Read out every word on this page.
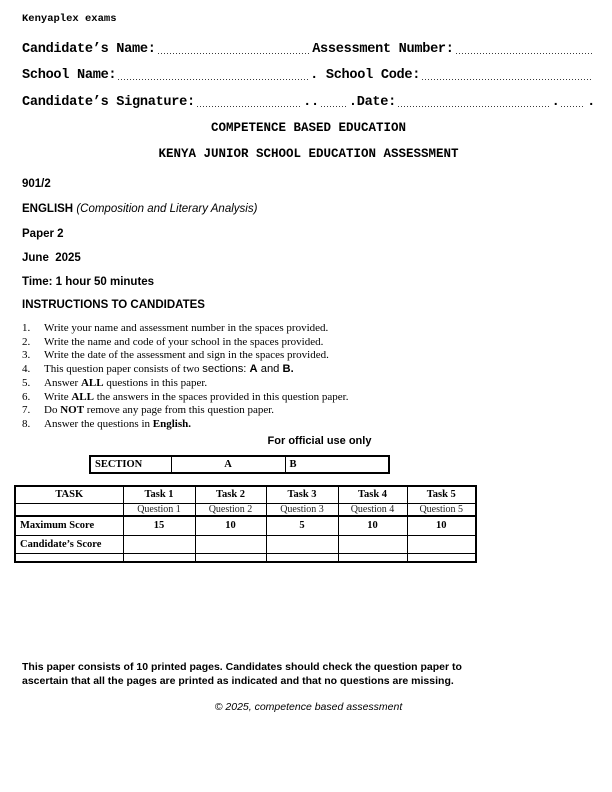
Kenyaplex exams
Candidate’s Name:	Assessment Number:
School Name:	. School Code:
Candidate’s Signature:	.. .Date:	. .
COMPETENCE BASED EDUCATION
KENYA JUNIOR SCHOOL EDUCATION ASSESSMENT
901/2
ENGLISH (Composition and Literary Analysis)
Paper 2
June  2025
Time: 1 hour 50 minutes
INSTRUCTIONS TO CANDIDATES
1.	Write your name and assessment number in the spaces provided.
2.	Write the name and code of your school in the spaces provided.
3.	Write the date of the assessment and sign in the spaces provided.
4.	This question paper consists of two sections: A and B.
5.	Answer ALL questions in this paper.
6.	Write ALL the answers in the spaces provided in this question paper.
7.	Do NOT remove any page from this question paper.
8.	Answer the questions in English.
For official use only
SECTION	A	B
TASK	Task 1	Task 2	Task 3	Task 4	Task 5
	Question 1	Question 2	Question 3	Question 4	Question 5

Maximum Score	15	10	5	10	10
Candidate’s Score					

This paper consists of 10 printed pages. Candidates should check the question paper to
ascertain that all the pages are printed as indicated and that no questions are missing.
© 2025, competence based assessment
